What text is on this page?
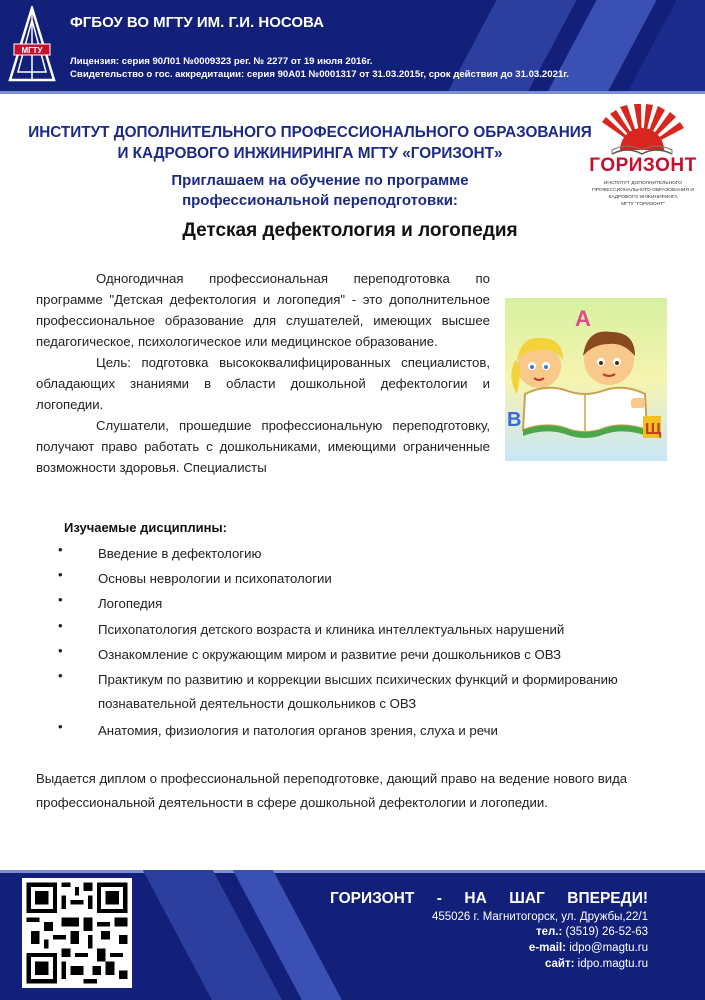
МГТУ
ФГБОУ ВО МГТУ ИМ. Г.И. НОСОВА
Лицензия: серия 90Л01 №0009323 рег. № 2277 от 19 июля 2016г.
Свидетельство о гос. аккредитации: серия 90А01 №0001317 от 31.03.2015г, срок действия до 31.03.2021г.
ИНСТИТУТ ДОПОЛНИТЕЛЬНОГО ПРОФЕССИОНАЛЬНОГО ОБРАЗОВАНИЯ
И КАДРОВОГО ИНЖИНИРИНГА МГТУ «ГОРИЗОНТ»
Приглашаем на обучение по программе
профессиональной переподготовки:
Детская дефектология и логопедия
ГОРИЗОНТ
ИНСТИТУТ ДОПОЛНИТЕЛЬНОГО
ПРОФЕССИОНАЛЬНОГО ОБРАЗОВАНИЯ И
КАДРОВОГО ИНЖИНИРИНГА
МГТУ "ГОРИЗОНТ"

Одногодичная профессиональная переподготовка по программе "Детская дефектология и логопедия" - это дополнительное профессиональное образование для слушателей, имеющих высшее педагогическое, психологическое или медицинское образование.

Цель: подготовка высококвалифицированных специалистов, обладающих знаниями в области дошкольной дефектологии и логопедии.

Слушатели, прошедшие профессиональную переподготовку, получают право работать с дошкольниками, имеющими ограниченные возможности здоровья. Специалисты

А
В	Щ
Изучаемые дисциплины:
•	Введение в дефектологию
•	Основы неврологии и психопатологии
•	Логопедия
•	Психопатология детского возраста и клиника интеллектуальных нарушений
•	Ознакомление с окружающим миром и развитие речи дошкольников с ОВЗ
•	Практикум по развитию и коррекции высших психических функций и формированию познавательной деятельности дошкольников с ОВЗ
•	Анатомия, физиология и патология органов зрения, слуха и речи
Выдается диплом о профессиональной переподготовке, дающий право на ведение нового вида профессиональной деятельности в сфере дошкольной дефектологии и логопедии.
ГОРИЗОНТ - НА ШАГ ВПЕРЕДИ!
455026 г. Магнитогорск, ул. Дружбы,22/1
тел.: (3519) 26-52-63
e-mail: idpo@magtu.ru
сайт: idpo.magtu.ru
